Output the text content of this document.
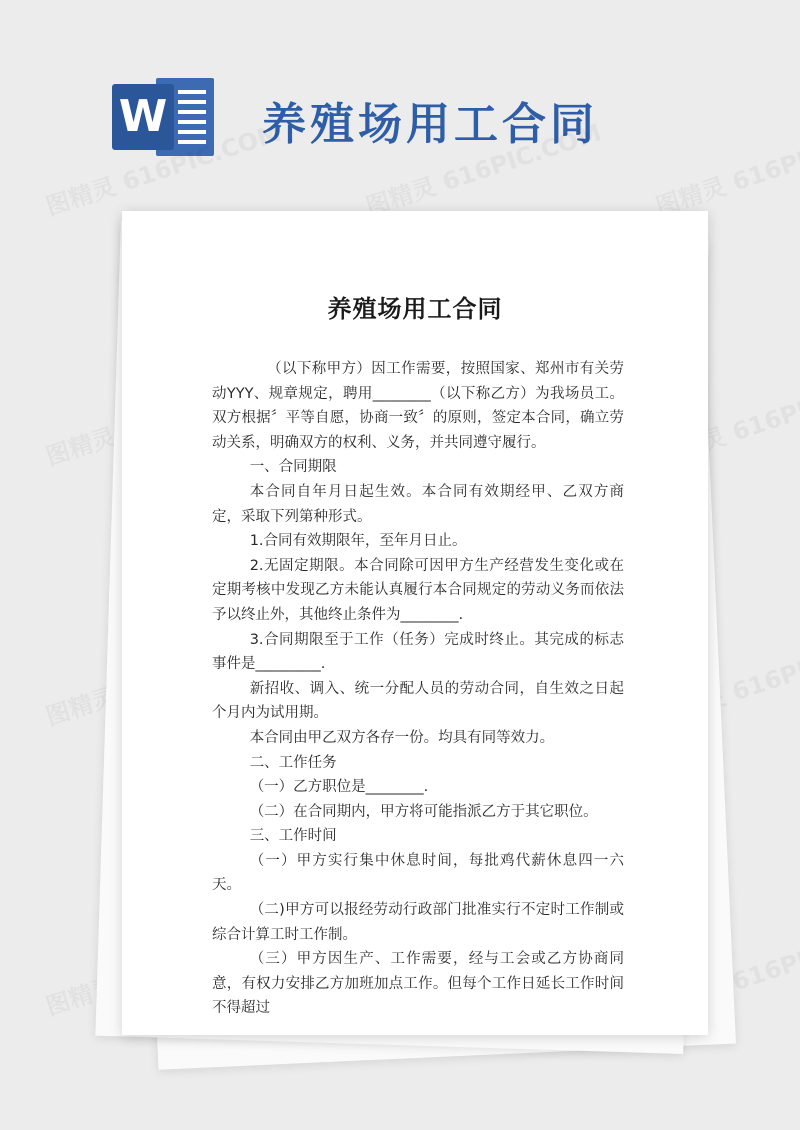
W 养殖场用工合同
养殖场用工合同

（以下称甲方）因工作需要，按照国家、郑州市有关劳动YYY、规章规定，聘用________（以下称乙方）为我场员工。双方根据〞平等自愿，协商一致〞的原则，签定本合同，确立劳动关系，明确双方的权利、义务，并共同遵守履行。

一、合同期限

本合同自年月日起生效。本合同有效期经甲、乙双方商定，采取下列第种形式。

1.合同有效期限年，至年月日止。

2.无固定期限。本合同除可因甲方生产经营发生变化或在定期考核中发现乙方未能认真履行本合同规定的劳动义务而依法予以终止外，其他终止条件为________.

3.合同期限至于工作（任务）完成时终止。其完成的标志事件是_________.

新招收、调入、统一分配人员的劳动合同，自生效之日起个月内为试用期。

本合同由甲乙双方各存一份。均具有同等效力。

二、工作任务

（一）乙方职位是________.

（二）在合同期内，甲方将可能指派乙方于其它职位。

三、工作时间

（一）甲方实行集中休息时间，每批鸡代薪休息四一六天。

（二)甲方可以报经劳动行政部门批准实行不定时工作制或综合计算工时工作制。

（三）甲方因生产、工作需要，经与工会或乙方协商同意，有权力安排乙方加班加点工作。但每个工作日延长工作时间不得超过
